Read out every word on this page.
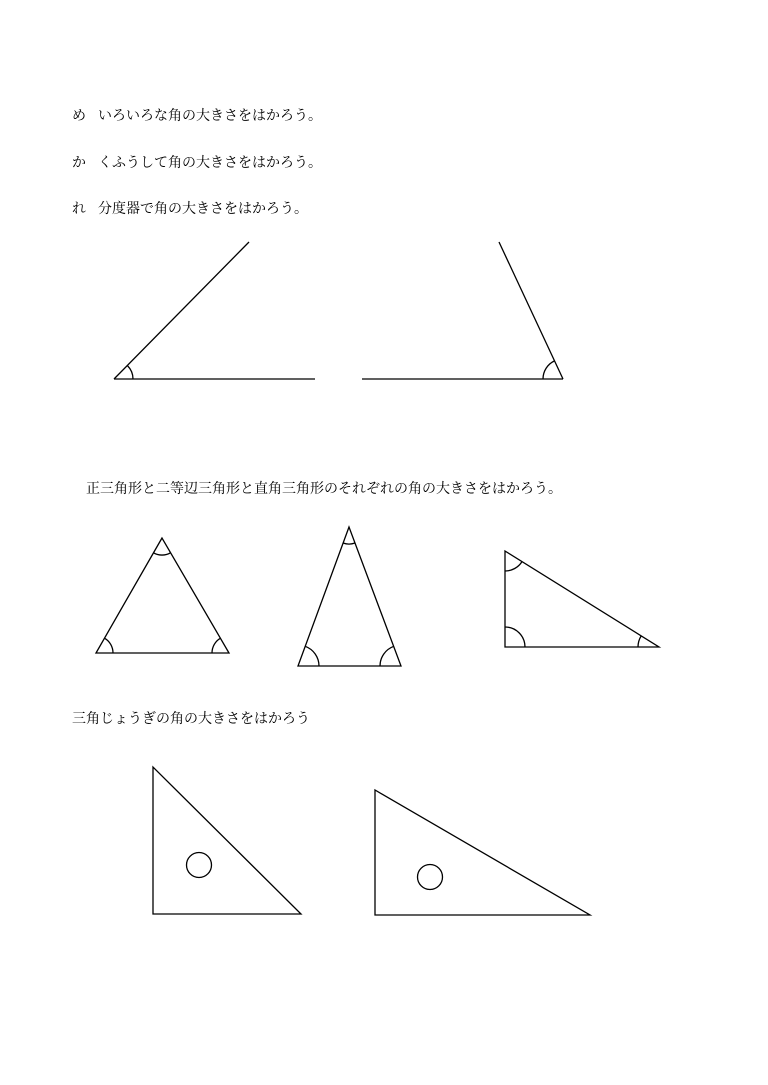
め いろいろな角の大きさをはかろう。
か くふうして角の大きさをはかろう。
れ 分度器で角の大きさをはかろう。
正三角形と二等辺三角形と直角三角形のそれぞれの角の大きさをはかろう。
三角じょうぎの角の大きさをはかろう
